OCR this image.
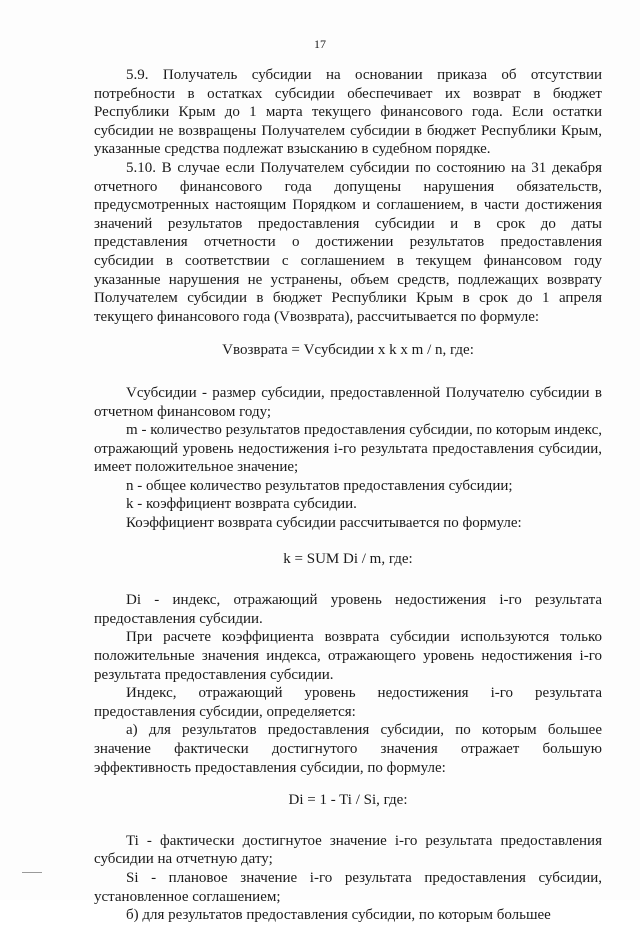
17

5.9. Получатель субсидии на основании приказа об отсутствии потребности в остатках субсидии обеспечивает их возврат в бюджет Республики Крым до 1 марта текущего финансового года. Если остатки субсидии не возвращены Получателем субсидии в бюджет Республики Крым, указанные средства подлежат взысканию в судебном порядке.

5.10. В случае если Получателем субсидии по состоянию на 31 декабря отчетного финансового года допущены нарушения обязательств, предусмотренных настоящим Порядком и соглашением, в части достижения значений результатов предоставления субсидии и в срок до даты представления отчетности о достижении результатов предоставления субсидии в соответствии с соглашением в текущем финансовом году указанные нарушения не устранены, объем средств, подлежащих возврату Получателем субсидии в бюджет Республики Крым в срок до 1 апреля текущего финансового года (Vвозврата), рассчитывается по формуле:

Vвозврата = Vсубсидии x k x m / n, где:

Vсубсидии - размер субсидии, предоставленной Получателю субсидии в отчетном финансовом году;

m - количество результатов предоставления субсидии, по которым индекс, отражающий уровень недостижения i-го результата предоставления субсидии, имеет положительное значение;

n - общее количество результатов предоставления субсидии;

k - коэффициент возврата субсидии.

Коэффициент возврата субсидии рассчитывается по формуле:

k = SUM Di / m, где:

Di - индекс, отражающий уровень недостижения i-го результата предоставления субсидии.

При расчете коэффициента возврата субсидии используются только положительные значения индекса, отражающего уровень недостижения i-го результата предоставления субсидии.

Индекс, отражающий уровень недостижения i-го результата предоставления субсидии, определяется:

а) для результатов предоставления субсидии, по которым большее значение фактически достигнутого значения отражает большую эффективность предоставления субсидии, по формуле:

Di = 1 - Ti / Si, где:

Ti - фактически достигнутое значение i-го результата предоставления субсидии на отчетную дату;

Si - плановое значение i-го результата предоставления субсидии, установленное соглашением;

б) для результатов предоставления субсидии, по которым большее
